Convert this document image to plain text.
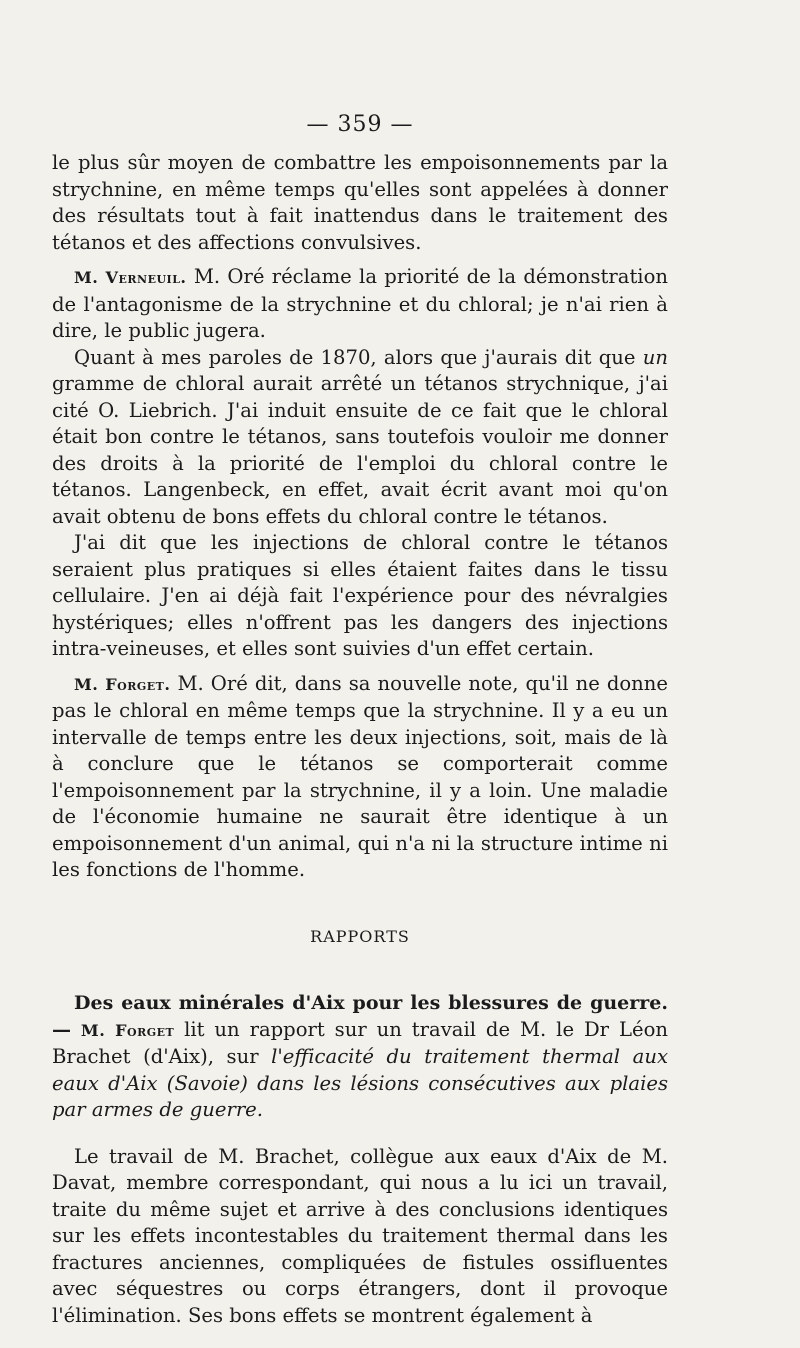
— 359 —

le plus sûr moyen de combattre les empoisonnements par la strychnine, en même temps qu'elles sont appelées à donner des résultats tout à fait inattendus dans le traitement des tétanos et des affections convulsives.

M. Verneuil. M. Oré réclame la priorité de la démonstration de l'antagonisme de la strychnine et du chloral; je n'ai rien à dire, le public jugera.

Quant à mes paroles de 1870, alors que j'aurais dit que un gramme de chloral aurait arrêté un tétanos strychnique, j'ai cité O. Liebrich. J'ai induit ensuite de ce fait que le chloral était bon contre le tétanos, sans toutefois vouloir me donner des droits à la priorité de l'emploi du chloral contre le tétanos. Langenbeck, en effet, avait écrit avant moi qu'on avait obtenu de bons effets du chloral contre le tétanos.

J'ai dit que les injections de chloral contre le tétanos seraient plus pratiques si elles étaient faites dans le tissu cellulaire. J'en ai déjà fait l'expérience pour des névralgies hystériques; elles n'offrent pas les dangers des injections intra-veineuses, et elles sont suivies d'un effet certain.

M. Forget. M. Oré dit, dans sa nouvelle note, qu'il ne donne pas le chloral en même temps que la strychnine. Il y a eu un intervalle de temps entre les deux injections, soit, mais de là à conclure que le tétanos se comporterait comme l'empoisonnement par la strychnine, il y a loin. Une maladie de l'économie humaine ne saurait être identique à un empoisonnement d'un animal, qui n'a ni la structure intime ni les fonctions de l'homme.

RAPPORTS

Des eaux minérales d'Aix pour les blessures de guerre.— M. Forget lit un rapport sur un travail de M. le Dr Léon Brachet (d'Aix), sur l'efficacité du traitement thermal aux eaux d'Aix (Savoie) dans les lésions consécutives aux plaies par armes de guerre.

Le travail de M. Brachet, collègue aux eaux d'Aix de M. Davat, membre correspondant, qui nous a lu ici un travail, traite du même sujet et arrive à des conclusions identiques sur les effets incontestables du traitement thermal dans les fractures anciennes, compliquées de fistules ossifluentes avec séquestres ou corps étrangers, dont il provoque l'élimination. Ses bons effets se montrent également à
